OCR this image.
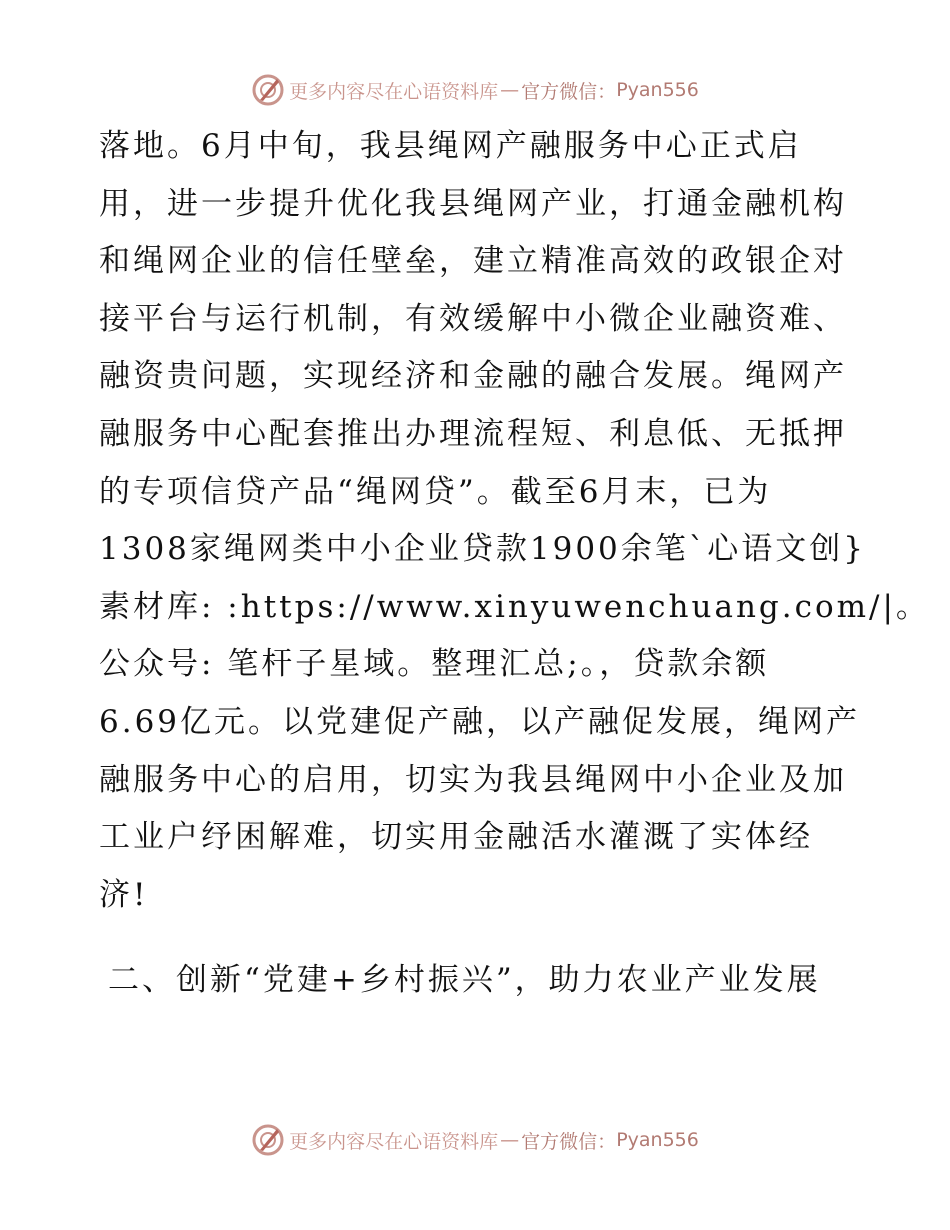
更多内容尽在心语资料库 — 官方微信： Pyan556
落地。6月中旬，我县绳网产融服务中心正式启
用，进一步提升优化我县绳网产业，打通金融机构
和绳网企业的信任壁垒，建立精准高效的政银企对
接平台与运行机制，有效缓解中小微企业融资难、
融资贵问题，实现经济和金融的融合发展。绳网产
融服务中心配套推出办理流程短、利息低、无抵押
的专项信贷产品“绳网贷”。截至6月末，已为
1308家绳网类中小企业贷款1900余笔`心语文创}
素材库: :https://www.xinyuwenchuang.com/|。
公众号: 笔杆子星域。整理汇总;。，贷款余额
6.69亿元。以党建促产融，以产融促发展，绳网产
融服务中心的启用，切实为我县绳网中小企业及加
工业户纾困解难，切实用金融活水灌溉了实体经
济!
二、创新“党建+乡村振兴”，助力农业产业发展
更多内容尽在心语资料库 — 官方微信： Pyan556
